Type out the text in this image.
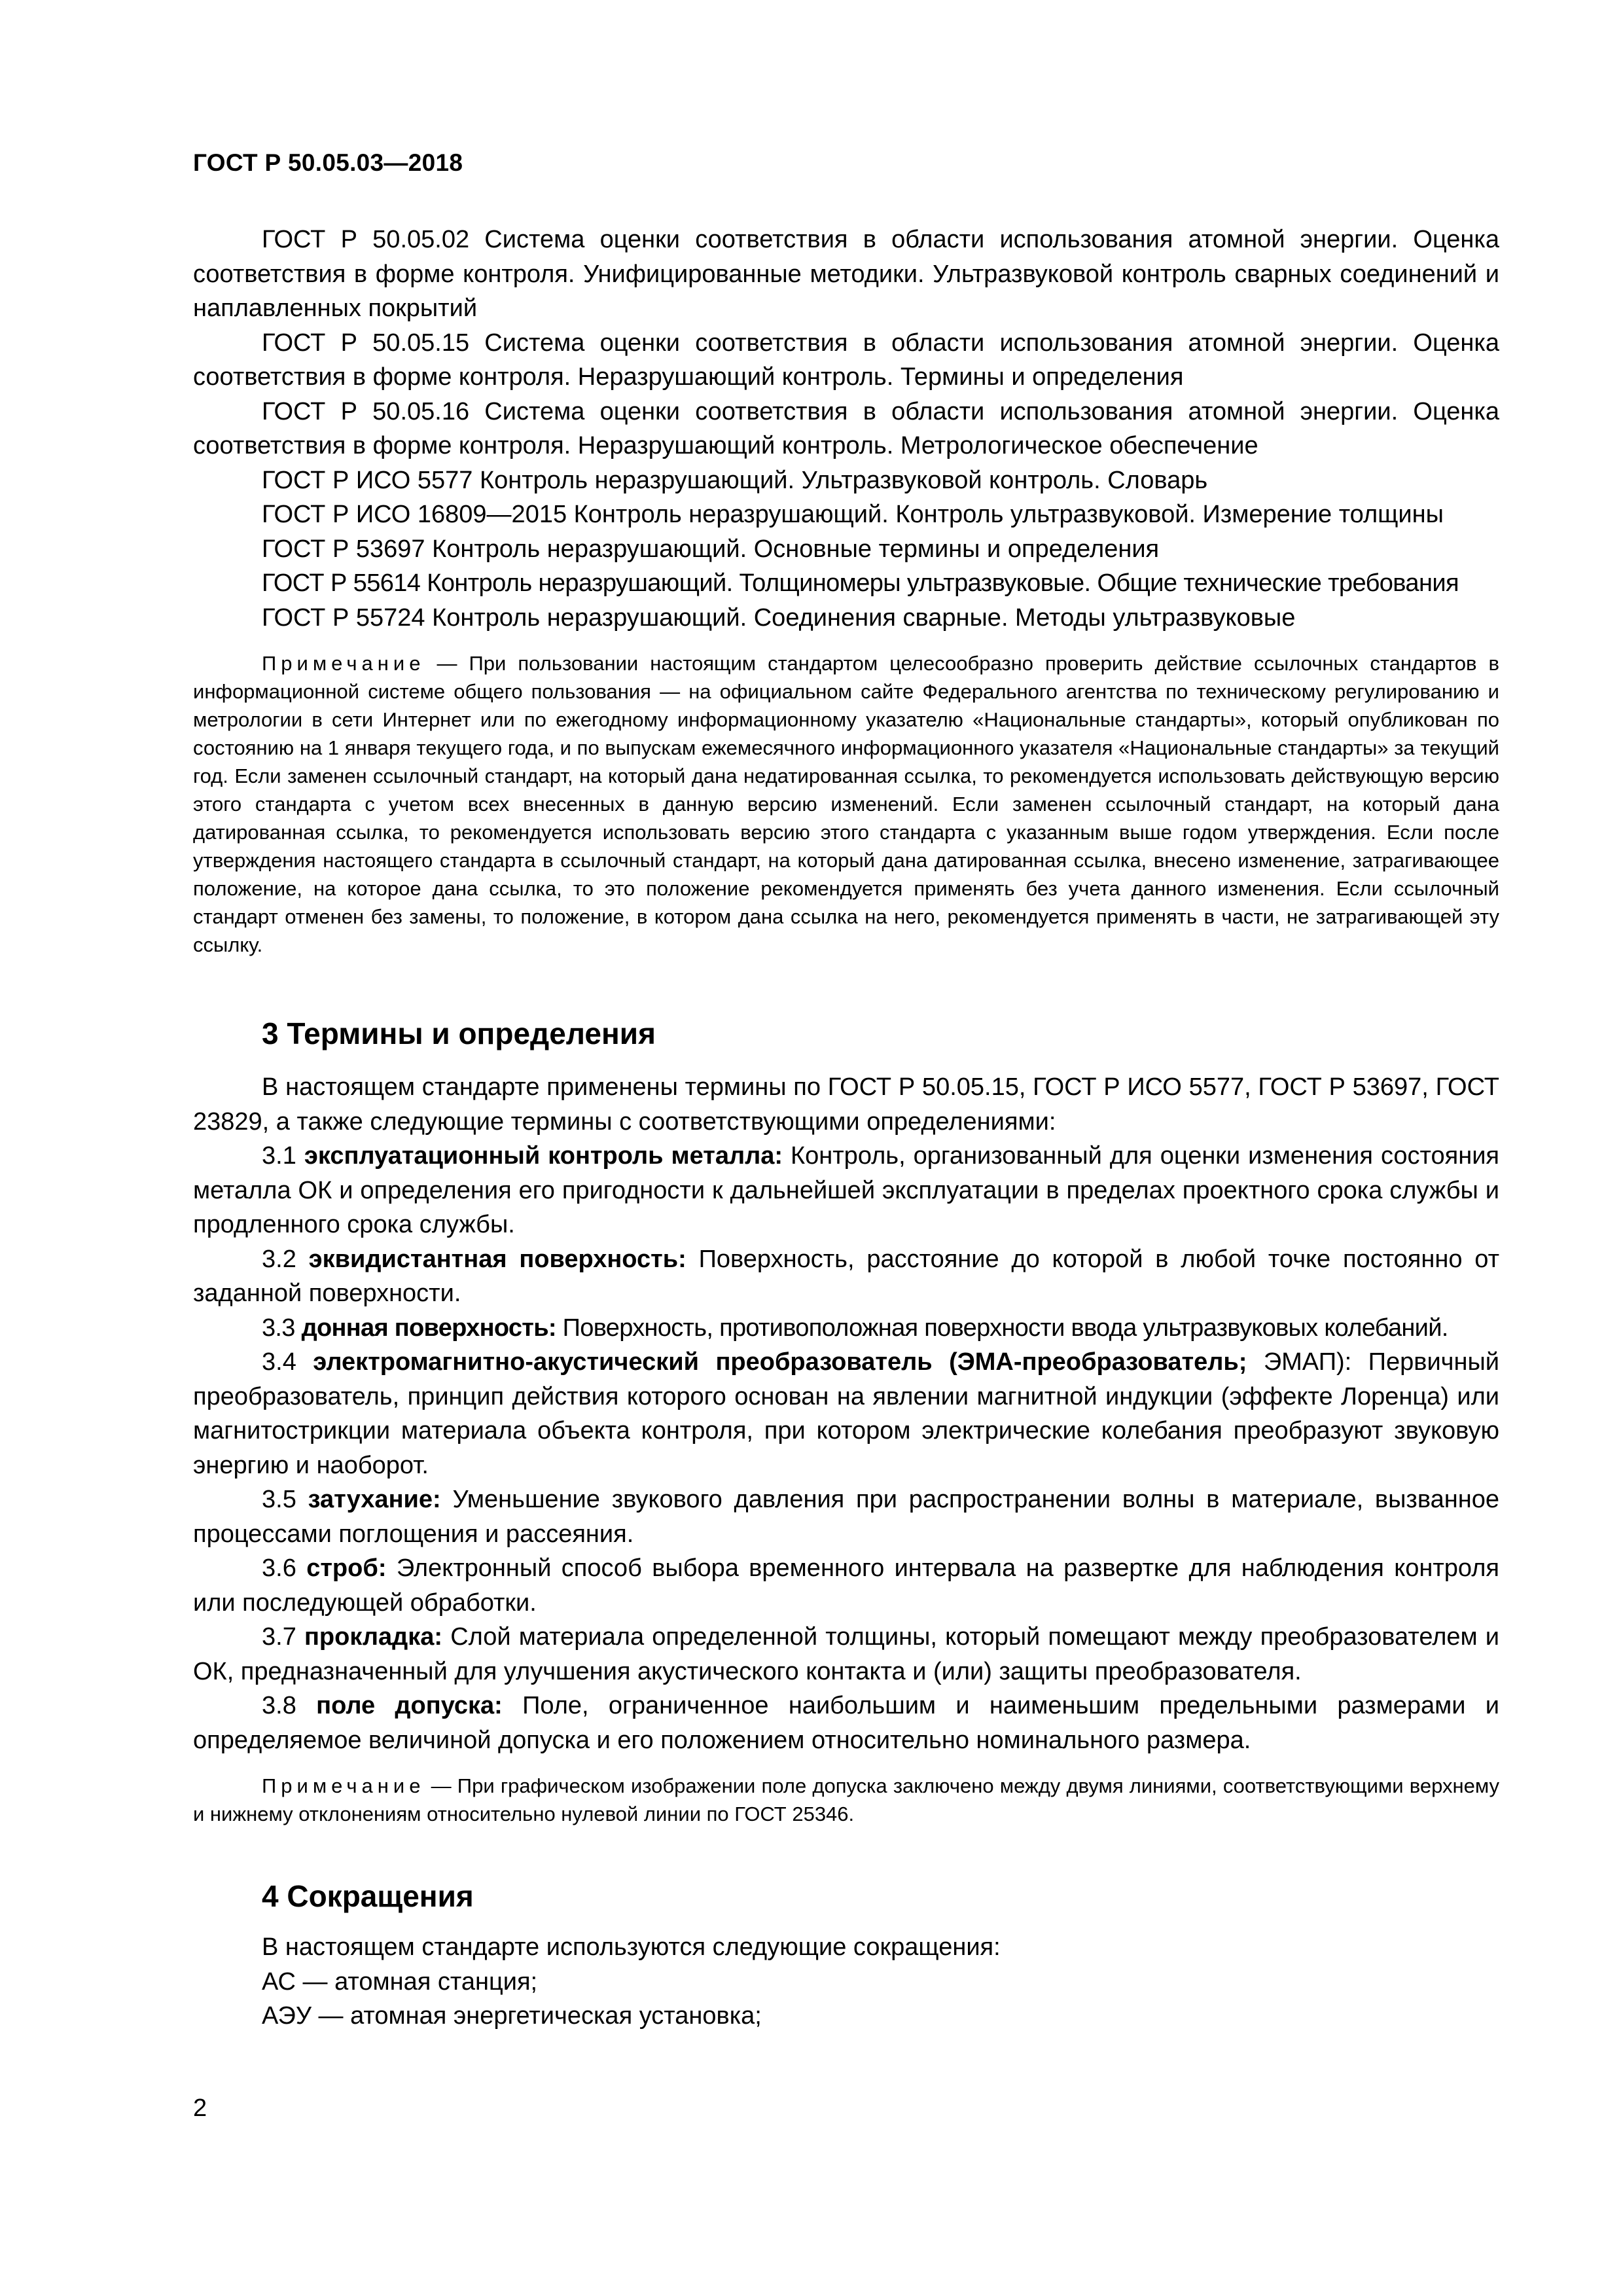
ГОСТ Р 50.05.03—2018

ГОСТ Р 50.05.02 Система оценки соответствия в области использования атомной энергии. Оценка соответствия в форме контроля. Унифицированные методики. Ультразвуковой контроль сварных соединений и наплавленных покрытий

ГОСТ Р 50.05.15 Система оценки соответствия в области использования атомной энергии. Оценка соответствия в форме контроля. Неразрушающий контроль. Термины и определения

ГОСТ Р 50.05.16 Система оценки соответствия в области использования атомной энергии. Оценка соответствия в форме контроля. Неразрушающий контроль. Метрологическое обеспечение

ГОСТ Р ИСО 5577 Контроль неразрушающий. Ультразвуковой контроль. Словарь

ГОСТ Р ИСО 16809—2015 Контроль неразрушающий. Контроль ультразвуковой. Измерение толщины

ГОСТ Р 53697 Контроль неразрушающий. Основные термины и определения

ГОСТ Р 55614 Контроль неразрушающий. Толщиномеры ультразвуковые. Общие технические требования

ГОСТ Р 55724 Контроль неразрушающий. Соединения сварные. Методы ультразвуковые

Примечание — При пользовании настоящим стандартом целесообразно проверить действие ссылочных стандартов в информационной системе общего пользования — на официальном сайте Федерального агентства по техническому регулированию и метрологии в сети Интернет или по ежегодному информационному указателю «Национальные стандарты», который опубликован по состоянию на 1 января текущего года, и по выпускам ежемесячного информационного указателя «Национальные стандарты» за текущий год. Если заменен ссылочный стандарт, на который дана недатированная ссылка, то рекомендуется использовать действующую версию этого стандарта с учетом всех внесенных в данную версию изменений. Если заменен ссылочный стандарт, на который дана датированная ссылка, то рекомендуется использовать версию этого стандарта с указанным выше годом утверждения. Если после утверждения настоящего стандарта в ссылочный стандарт, на который дана датированная ссылка, внесено изменение, затрагивающее положение, на которое дана ссылка, то это положение рекомендуется применять без учета данного изменения. Если ссылочный стандарт отменен без замены, то положение, в котором дана ссылка на него, рекомендуется применять в части, не затрагивающей эту ссылку.

3 Термины и определения

В настоящем стандарте применены термины по ГОСТ Р 50.05.15, ГОСТ Р ИСО 5577, ГОСТ Р 53697, ГОСТ 23829, а также следующие термины с соответствующими определениями:

3.1 эксплуатационный контроль металла: Контроль, организованный для оценки изменения состояния металла ОК и определения его пригодности к дальнейшей эксплуатации в пределах проектного срока службы и продленного срока службы.

3.2 эквидистантная поверхность: Поверхность, расстояние до которой в любой точке постоянно от заданной поверхности.

3.3 донная поверхность: Поверхность, противоположная поверхности ввода ультразвуковых колебаний.

3.4 электромагнитно-акустический преобразователь (ЭМА-преобразователь; ЭМАП): Первичный преобразователь, принцип действия которого основан на явлении магнитной индукции (эффекте Лоренца) или магнитострикции материала объекта контроля, при котором электрические колебания преобразуют звуковую энергию и наоборот.

3.5 затухание: Уменьшение звукового давления при распространении волны в материале, вызванное процессами поглощения и рассеяния.

3.6 строб: Электронный способ выбора временного интервала на развертке для наблюдения контроля или последующей обработки.

3.7 прокладка: Слой материала определенной толщины, который помещают между преобразователем и ОК, предназначенный для улучшения акустического контакта и (или) защиты преобразователя.

3.8 поле допуска: Поле, ограниченное наибольшим и наименьшим предельными размерами и определяемое величиной допуска и его положением относительно номинального размера.

Примечание — При графическом изображении поле допуска заключено между двумя линиями, соответствующими верхнему и нижнему отклонениям относительно нулевой линии по ГОСТ 25346.

4 Сокращения

В настоящем стандарте используются следующие сокращения:

АС — атомная станция;

АЭУ — атомная энергетическая установка;

2
